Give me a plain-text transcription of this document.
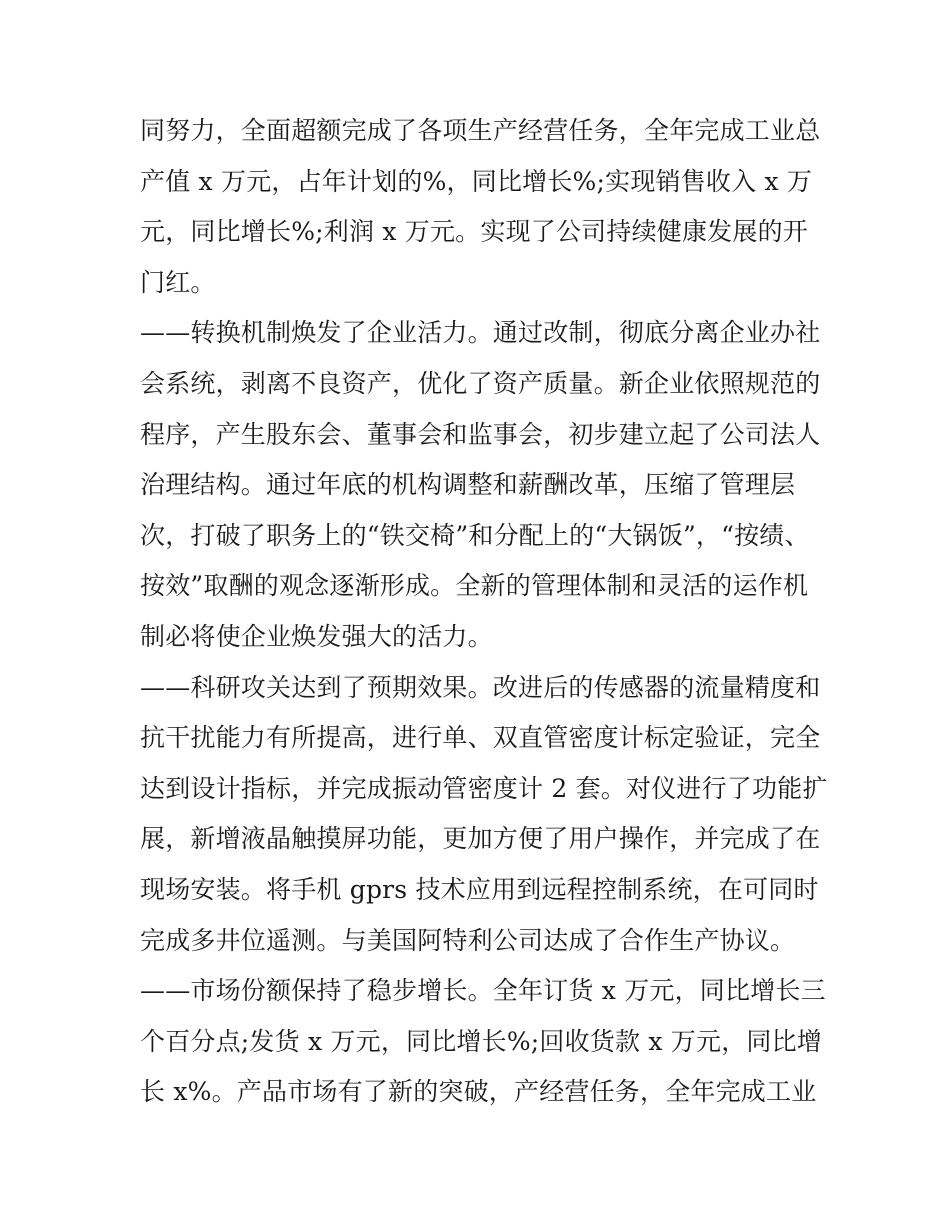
同努力，全面超额完成了各项生产经营任务，全年完成工业总
产值 x 万元，占年计划的%，同比增长%;实现销售收入 x 万
元，同比增长%;利润 x 万元。实现了公司持续健康发展的开
门红。
——转换机制焕发了企业活力。通过改制，彻底分离企业办社
会系统，剥离不良资产，优化了资产质量。新企业依照规范的
程序，产生股东会、董事会和监事会，初步建立起了公司法人
治理结构。通过年底的机构调整和薪酬改革，压缩了管理层
次，打破了职务上的“铁交椅”和分配上的“大锅饭”，“按绩、
按效”取酬的观念逐渐形成。全新的管理体制和灵活的运作机
制必将使企业焕发强大的活力。
——科研攻关达到了预期效果。改进后的传感器的流量精度和
抗干扰能力有所提高，进行单、双直管密度计标定验证，完全
达到设计指标，并完成振动管密度计 2 套。对仪进行了功能扩
展，新增液晶触摸屏功能，更加方便了用户操作，并完成了在
现场安装。将手机 gprs 技术应用到远程控制系统，在可同时
完成多井位遥测。与美国阿特利公司达成了合作生产协议。
——市场份额保持了稳步增长。全年订货 x 万元，同比增长三
个百分点;发货 x 万元，同比增长%;回收货款 x 万元，同比增
长 x%。产品市场有了新的突破，产经营任务，全年完成工业
